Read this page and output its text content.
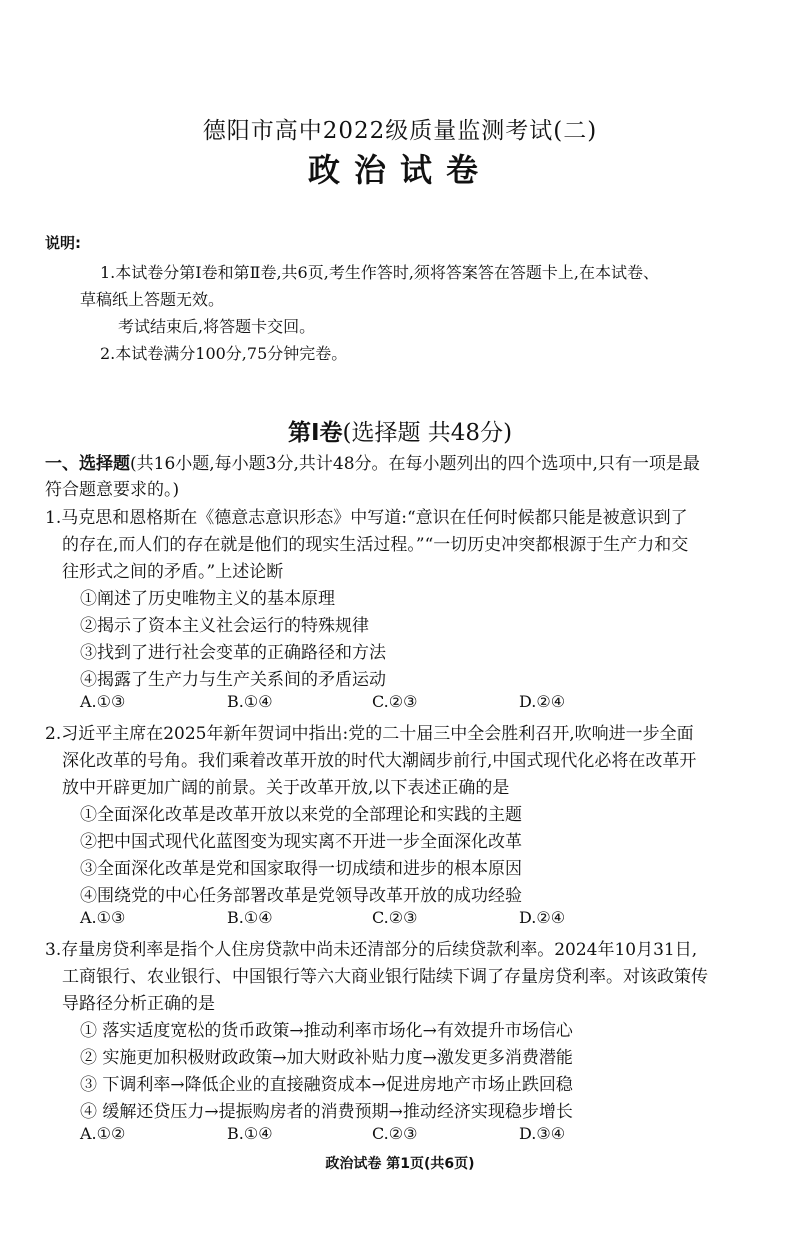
德阳市高中2022级质量监测考试(二)
政治试卷
说明:
1.本试卷分第Ⅰ卷和第Ⅱ卷,共6页,考生作答时,须将答案答在答题卡上,在本试卷、
草稿纸上答题无效。
考试结束后,将答题卡交回。
2.本试卷满分100分,75分钟完卷。
第Ⅰ卷(选择题 共48分)
一、选择题(共16小题,每小题3分,共计48分。在每小题列出的四个选项中,只有一项是最
符合题意要求的。)
1.马克思和恩格斯在《德意志意识形态》中写道:“意识在任何时候都只能是被意识到了
的存在,而人们的存在就是他们的现实生活过程。”“一切历史冲突都根源于生产力和交
往形式之间的矛盾。”上述论断
①阐述了历史唯物主义的基本原理
②揭示了资本主义社会运行的特殊规律
③找到了进行社会变革的正确路径和方法
④揭露了生产力与生产关系间的矛盾运动
A.①③	B.①④	C.②③	D.②④
2.习近平主席在2025年新年贺词中指出:党的二十届三中全会胜利召开,吹响进一步全面
深化改革的号角。我们乘着改革开放的时代大潮阔步前行,中国式现代化必将在改革开
放中开辟更加广阔的前景。关于改革开放,以下表述正确的是
①全面深化改革是改革开放以来党的全部理论和实践的主题
②把中国式现代化蓝图变为现实离不开进一步全面深化改革
③全面深化改革是党和国家取得一切成绩和进步的根本原因
④围绕党的中心任务部署改革是党领导改革开放的成功经验
A.①③	B.①④	C.②③	D.②④
3.存量房贷利率是指个人住房贷款中尚未还清部分的后续贷款利率。2024年10月31日,
工商银行、农业银行、中国银行等六大商业银行陆续下调了存量房贷利率。对该政策传
导路径分析正确的是
① 落实适度宽松的货币政策→推动利率市场化→有效提升市场信心
② 实施更加积极财政政策→加大财政补贴力度→激发更多消费潜能
③ 下调利率→降低企业的直接融资成本→促进房地产市场止跌回稳
④ 缓解还贷压力→提振购房者的消费预期→推动经济实现稳步增长
A.①②	B.①④	C.②③	D.③④
政治试卷 第1页(共6页)
